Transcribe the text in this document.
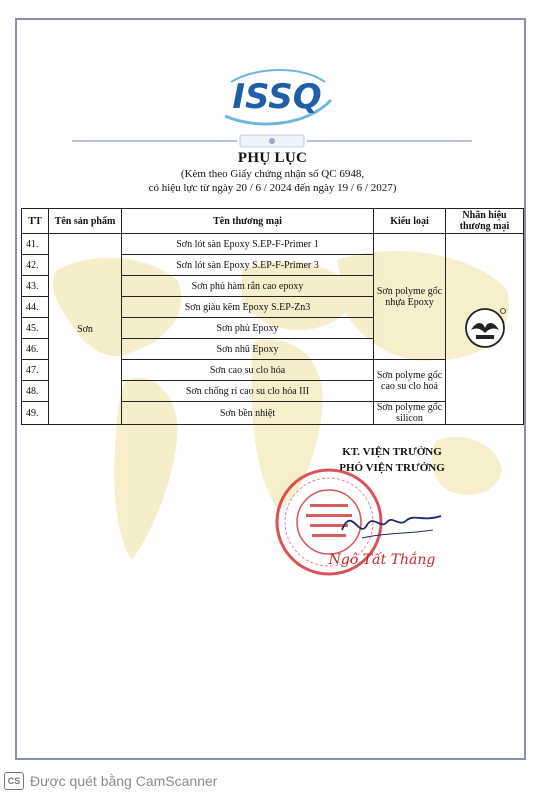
ISSQ
PHỤ LỤC
(Kèm theo Giấy chứng nhận số QC 6948,
có hiệu lực từ ngày 20 / 6 / 2024 đến ngày 19 / 6 / 2027)
TT	Tên sản phẩm	Tên thương mại	Kiểu loại	Nhãn hiệu thương mại
41.	Sơn	Sơn lót sàn Epoxy S.EP-F-Primer 1	Sơn polyme gốc nhựa Epoxy	
42.		Sơn lót sàn Epoxy S.EP-F-Primer 3		
43.		Sơn phủ hàm rắn cao epoxy		
44.		Sơn giàu kẽm Epoxy S.EP-Zn3		
45.		Sơn phủ Epoxy		
46.		Sơn nhũ Epoxy		
47.		Sơn cao su clo hóa	Sơn polyme gốc cao su clo hoá	
48.		Sơn chống rỉ cao su clo hóa III		
49.		Sơn bền nhiệt	Sơn polyme gốc silicon	
KT. VIỆN TRƯỞNG
PHÓ VIỆN TRƯỞNG
Ngô Tất Thắng
CS Được quét bằng CamScanner
